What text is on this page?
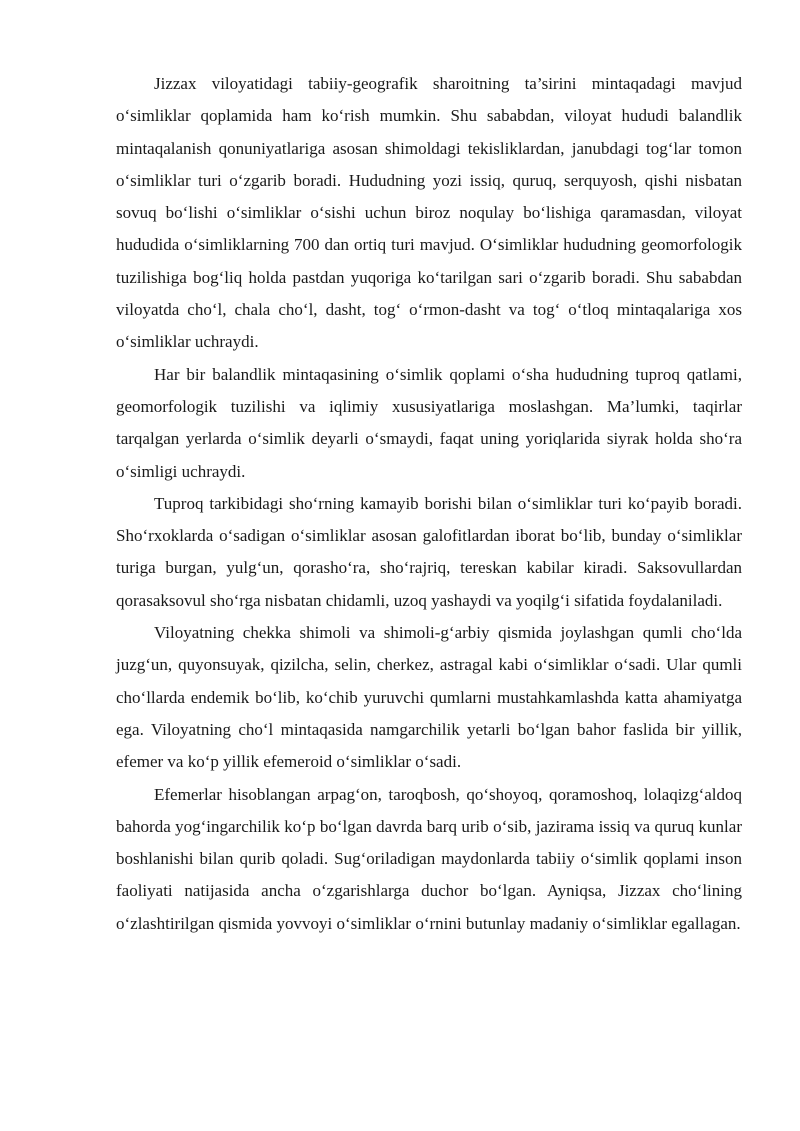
Jizzax viloyatidagi tabiiy-geografik sharoitning ta’sirini mintaqadagi mavjud o‘simliklar qoplamida ham ko‘rish mumkin. Shu sababdan, viloyat hududi balandlik mintaqalanish qonuniyatlariga asosan shimoldagi tekisliklardan, janubdagi tog‘lar tomon o‘simliklar turi o‘zgarib boradi. Hududning yozi issiq, quruq, serquyosh, qishi nisbatan sovuq bo‘lishi o‘simliklar o‘sishi uchun biroz noqulay bo‘lishiga qaramasdan, viloyat hududida o‘simliklarning 700 dan ortiq turi mavjud. O‘simliklar hududning geomorfologik tuzilishiga bog‘liq holda pastdan yuqoriga ko‘tarilgan sari o‘zgarib boradi. Shu sababdan viloyatda cho‘l, chala cho‘l, dasht, tog‘ o‘rmon-dasht va tog‘ o‘tloq mintaqalariga xos o‘simliklar uchraydi.

Har bir balandlik mintaqasining o‘simlik qoplami o‘sha hududning tuproq qatlami, geomorfologik tuzilishi va iqlimiy xususiyatlariga moslashgan. Ma’lumki, taqirlar tarqalgan yerlarda o‘simlik deyarli o‘smaydi, faqat uning yoriqlarida siyrak holda sho‘ra o‘simligi uchraydi.

Tuproq tarkibidagi sho‘rning kamayib borishi bilan o‘simliklar turi ko‘payib boradi. Sho‘rxoklarda o‘sadigan o‘simliklar asosan galofitlardan iborat bo‘lib, bunday o‘simliklar turiga burgan, yulg‘un, qorasho‘ra, sho‘rajriq, tereskan kabilar kiradi. Saksovullardan qorasaksovul sho‘rga nisbatan chidamli, uzoq yashaydi va yoqilg‘i sifatida foydalaniladi.

Viloyatning chekka shimoli va shimoli-g‘arbiy qismida joylashgan qumli cho‘lda juzg‘un, quyonsuyak, qizilcha, selin, cherkez, astragal kabi o‘simliklar o‘sadi. Ular qumli cho‘llarda endemik bo‘lib, ko‘chib yuruvchi qumlarni mustahkamlashda katta ahamiyatga ega. Viloyatning cho‘l mintaqasida namgarchilik yetarli bo‘lgan bahor faslida bir yillik, efemer va ko‘p yillik efemeroid o‘simliklar o‘sadi.

Efemerlar hisoblangan arpag‘on, taroqbosh, qo‘shoyoq, qoramoshoq, lolaqizg‘aldoq bahorda yog‘ingarchilik ko‘p bo‘lgan davrda barq urib o‘sib, jazirama issiq va quruq kunlar boshlanishi bilan qurib qoladi. Sug‘oriladigan maydonlarda tabiiy o‘simlik qoplami inson faoliyati natijasida ancha o‘zgarishlarga duchor bo‘lgan. Ayniqsa, Jizzax cho‘lining o‘zlashtirilgan qismida yovvoyi o‘simliklar o‘rnini butunlay madaniy o‘simliklar egallagan.
